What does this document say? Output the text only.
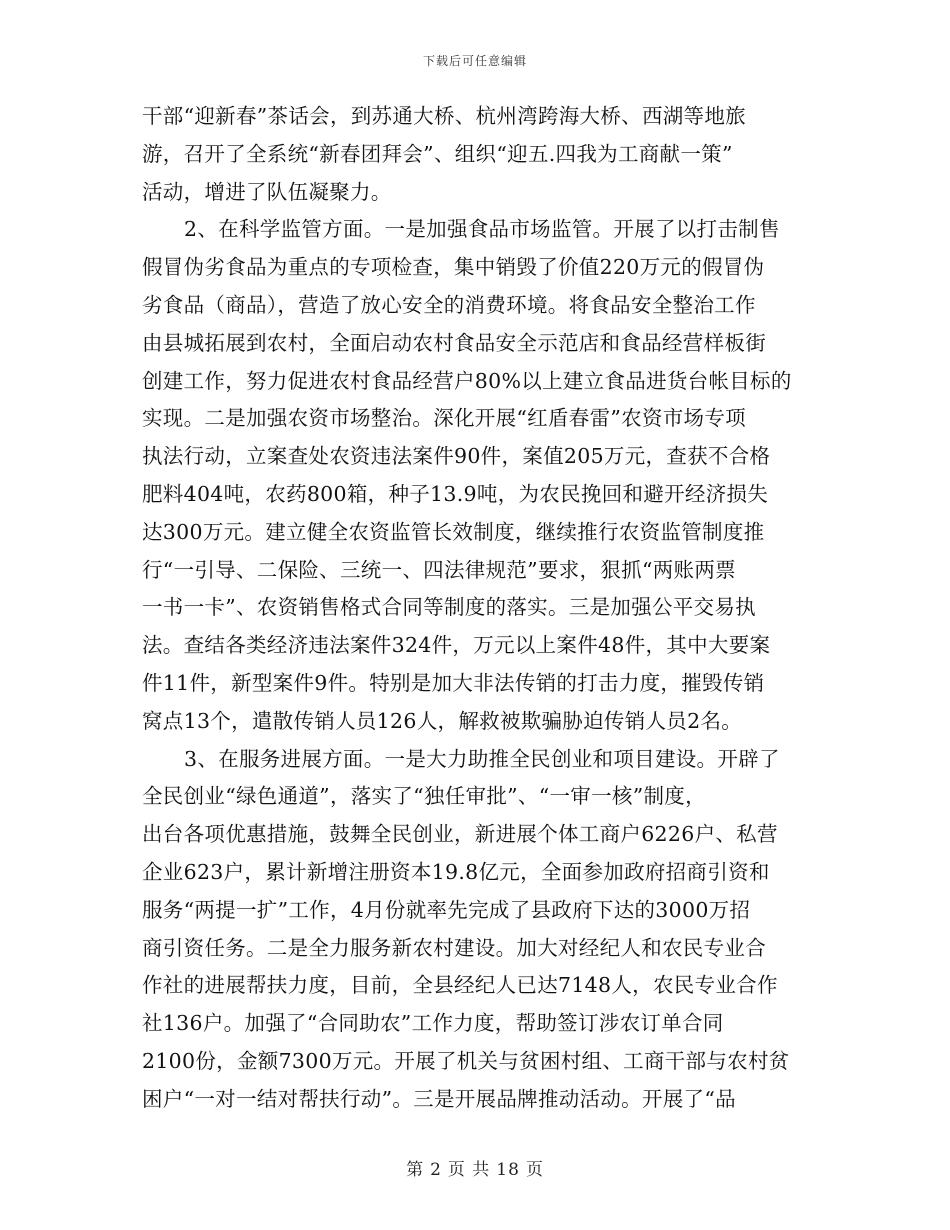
下载后可任意编辑
干部“迎新春”茶话会，到苏通大桥、杭州湾跨海大桥、西湖等地旅
游，召开了全系统“新春团拜会”、组织“迎五.四我为工商献一策”
活动，增进了队伍凝聚力。
2、在科学监管方面。一是加强食品市场监管。开展了以打击制售
假冒伪劣食品为重点的专项检查，集中销毁了价值220万元的假冒伪
劣食品（商品），营造了放心安全的消费环境。将食品安全整治工作
由县城拓展到农村，全面启动农村食品安全示范店和食品经营样板街
创建工作，努力促进农村食品经营户80%以上建立食品进货台帐目标的
实现。二是加强农资市场整治。深化开展“红盾春雷”农资市场专项
执法行动，立案查处农资违法案件90件，案值205万元，查获不合格
肥料404吨，农药800箱，种子13.9吨，为农民挽回和避开经济损失
达300万元。建立健全农资监管长效制度，继续推行农资监管制度推
行“一引导、二保险、三统一、四法律规范”要求，狠抓“两账两票
一书一卡”、农资销售格式合同等制度的落实。三是加强公平交易执
法。查结各类经济违法案件324件，万元以上案件48件，其中大要案
件11件，新型案件9件。特别是加大非法传销的打击力度，摧毁传销
窝点13个，遣散传销人员126人，解救被欺骗胁迫传销人员2名。
3、在服务进展方面。一是大力助推全民创业和项目建设。开辟了
全民创业“绿色通道”，落实了“独任审批”、“一审一核”制度，
出台各项优惠措施，鼓舞全民创业，新进展个体工商户6226户、私营
企业623户，累计新增注册资本19.8亿元，全面参加政府招商引资和
服务“两提一扩”工作，4月份就率先完成了县政府下达的3000万招
商引资任务。二是全力服务新农村建设。加大对经纪人和农民专业合
作社的进展帮扶力度，目前，全县经纪人已达7148人，农民专业合作
社136户。加强了“合同助农”工作力度，帮助签订涉农订单合同
2100份，金额7300万元。开展了机关与贫困村组、工商干部与农村贫
困户“一对一结对帮扶行动”。三是开展品牌推动活动。开展了“品
第 2 页 共 18 页
